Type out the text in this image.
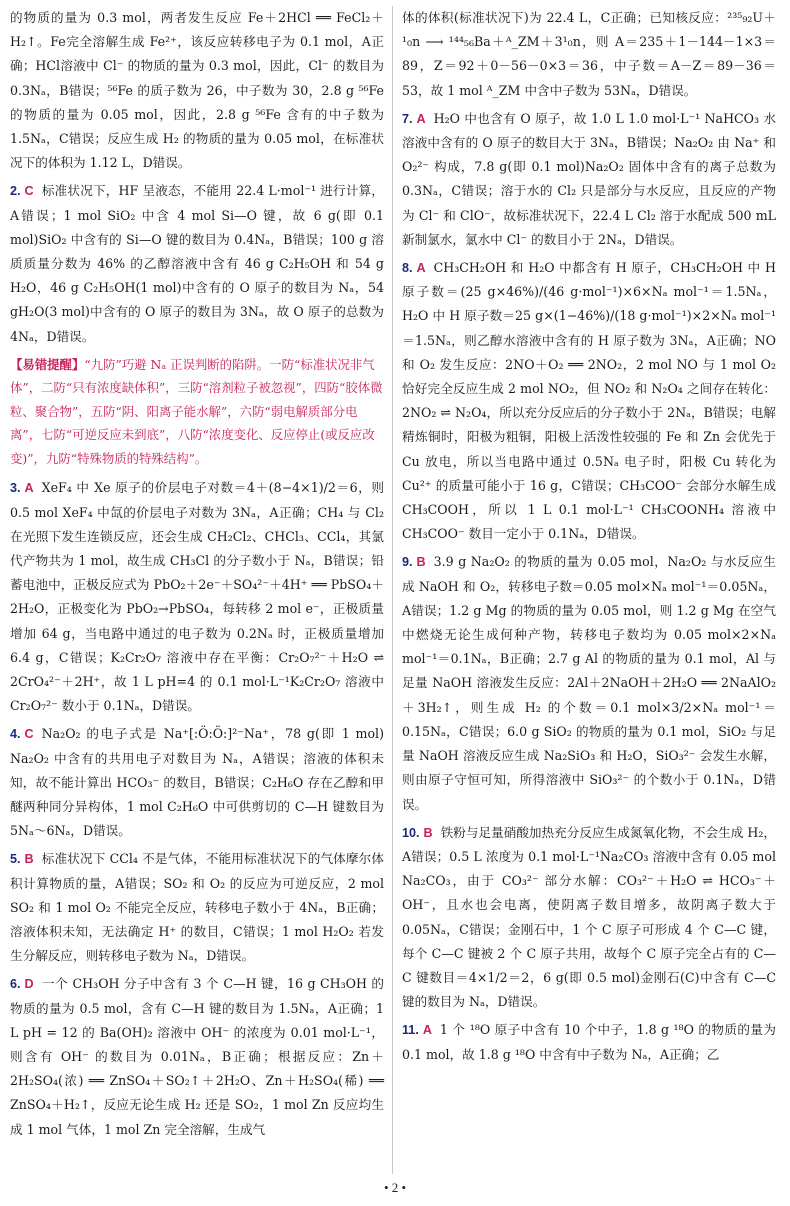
的物质的量为 0.3 mol，两者发生反应 Fe＋2HCl ══ FeCl₂＋H₂↑。Fe完全溶解生成 Fe²⁺，该反应转移电子为 0.1 mol，A正确；HCl溶液中 Cl⁻ 的物质的量为 0.3 mol，因此，Cl⁻ 的数目为 0.3Nₐ，B错误；⁵⁶Fe 的质子数为 26，中子数为 30，2.8 g ⁵⁶Fe 的物质的量为 0.05 mol，因此，2.8 g ⁵⁶Fe 含有的中子数为 1.5Nₐ，C错误；反应生成 H₂ 的物质的量为 0.05 mol，在标准状况下的体积为 1.12 L，D错误。

2. C 标准状况下，HF 呈液态，不能用 22.4 L·mol⁻¹ 进行计算，A错误；1 mol SiO₂ 中含 4 mol Si—O 键，故 6 g(即 0.1 mol)SiO₂ 中含有的 Si—O 键的数目为 0.4Nₐ，B错误；100 g 溶质质量分数为 46% 的乙醇溶液中含有 46 g C₂H₅OH 和 54 g H₂O，46 g C₂H₅OH(1 mol)中含有的 O 原子的数目为 Nₐ，54 gH₂O(3 mol)中含有的 O 原子的数目为 3Nₐ，故 O 原子的总数为 4Nₐ，D错误。

【易错提醒】“九防”巧避 Nₐ 正误判断的陷阱。一防“标准状况非气体”，二防“只有浓度缺体积”，三防“溶剂粒子被忽视”，四防“胶体微粒、聚合物”，五防“阴、阳离子能水解”，六防“弱电解质部分电离”，七防“可逆反应未到底”，八防“浓度变化、反应停止(或反应改变)”，九防“特殊物质的特殊结构”。

3. A XeF₄ 中 Xe 原子的价层电子对数＝4＋(8−4×1)/2＝6，则 0.5 mol XeF₄ 中氙的价层电子对数为 3Nₐ，A正确；CH₄ 与 Cl₂ 在光照下发生连锁反应，还会生成 CH₂Cl₂、CHCl₃、CCl₄，其氯代产物共为 1 mol，故生成 CH₃Cl 的分子数小于 Nₐ，B错误；铅蓄电池中，正极反应式为 PbO₂＋2e⁻＋SO₄²⁻＋4H⁺ ══ PbSO₄＋2H₂O，正极变化为 PbO₂→PbSO₄，每转移 2 mol e⁻，正极质量增加 64 g，当电路中通过的电子数为 0.2Nₐ 时，正极质量增加 6.4 g，C错误；K₂Cr₂O₇ 溶液中存在平衡：Cr₂O₇²⁻＋H₂O ⇌ 2CrO₄²⁻＋2H⁺，故 1 L pH=4 的 0.1 mol·L⁻¹K₂Cr₂O₇ 溶液中 Cr₂O₇²⁻ 数小于 0.1Nₐ，D错误。

4. C Na₂O₂ 的电子式是 Na⁺[:Ö:Ö:]²⁻Na⁺，78 g(即 1 mol) Na₂O₂ 中含有的共用电子对数目为 Nₐ，A错误；溶液的体积未知，故不能计算出 HCO₃⁻ 的数目，B错误；C₂H₆O 存在乙醇和甲醚两种同分异构体，1 mol C₂H₆O 中可供剪切的 C—H 键数目为 5Nₐ～6Nₐ，D错误。

5. B 标准状况下 CCl₄ 不是气体，不能用标准状况下的气体摩尔体积计算物质的量，A错误；SO₂ 和 O₂ 的反应为可逆反应，2 mol SO₂ 和 1 mol O₂ 不能完全反应，转移电子数小于 4Nₐ，B正确；溶液体积未知，无法确定 H⁺ 的数目，C错误；1 mol H₂O₂ 若发生分解反应，则转移电子数为 Nₐ，D错误。

6. D 一个 CH₃OH 分子中含有 3 个 C—H 键，16 g CH₃OH 的物质的量为 0.5 mol，含有 C—H 键的数目为 1.5Nₐ，A正确；1 L pH = 12 的 Ba(OH)₂ 溶液中 OH⁻ 的浓度为 0.01 mol·L⁻¹，则含有 OH⁻ 的数目为 0.01Nₐ，B正确；根据反应：Zn＋2H₂SO₄(浓) ══ ZnSO₄＋SO₂↑＋2H₂O、Zn＋H₂SO₄(稀) ══ ZnSO₄＋H₂↑，反应无论生成 H₂ 还是 SO₂，1 mol Zn 反应均生成 1 mol 气体，1 mol Zn 完全溶解，生成气

体的体积(标准状况下)为 22.4 L，C正确；已知核反应：²³⁵₉₂U＋¹₀n ⟶ ¹⁴⁴₅₆Ba＋ᴬ_ZM＋3¹₀n，则 A＝235＋1－144－1×3＝89，Z＝92＋0－56－0×3＝36，中子数＝A－Z＝89－36＝53，故 1 mol ᴬ_ZM 中含中子数为 53Nₐ，D错误。

7. A H₂O 中也含有 O 原子，故 1.0 L 1.0 mol·L⁻¹ NaHCO₃ 水溶液中含有的 O 原子的数目大于 3Nₐ，B错误；Na₂O₂ 由 Na⁺ 和 O₂²⁻ 构成，7.8 g(即 0.1 mol)Na₂O₂ 固体中含有的离子总数为 0.3Nₐ，C错误；溶于水的 Cl₂ 只是部分与水反应，且反应的产物为 Cl⁻ 和 ClO⁻，故标准状况下，22.4 L Cl₂ 溶于水配成 500 mL 新制氯水，氯水中 Cl⁻ 的数目小于 2Nₐ，D错误。

8. A CH₃CH₂OH 和 H₂O 中都含有 H 原子，CH₃CH₂OH 中 H 原子数＝(25 g×46%)/(46 g·mol⁻¹)×6×Nₐ mol⁻¹＝1.5Nₐ，H₂O 中 H 原子数＝25 g×(1−46%)/(18 g·mol⁻¹)×2×Nₐ mol⁻¹＝1.5Nₐ，则乙醇水溶液中含有的 H 原子数为 3Nₐ，A正确；NO 和 O₂ 发生反应：2NO＋O₂ ══ 2NO₂，2 mol NO 与 1 mol O₂ 恰好完全反应生成 2 mol NO₂，但 NO₂ 和 N₂O₄ 之间存在转化：2NO₂ ⇌ N₂O₄，所以充分反应后的分子数小于 2Nₐ，B错误；电解精炼铜时，阳极为粗铜，阳极上活泼性较强的 Fe 和 Zn 会优先于 Cu 放电，所以当电路中通过 0.5Nₐ 电子时，阳极 Cu 转化为 Cu²⁺ 的质量可能小于 16 g，C错误；CH₃COO⁻ 会部分水解生成 CH₃COOH，所以 1 L 0.1 mol·L⁻¹ CH₃COONH₄ 溶液中 CH₃COO⁻ 数目一定小于 0.1Nₐ，D错误。

9. B 3.9 g Na₂O₂ 的物质的量为 0.05 mol，Na₂O₂ 与水反应生成 NaOH 和 O₂，转移电子数＝0.05 mol×Nₐ mol⁻¹＝0.05Nₐ，A错误；1.2 g Mg 的物质的量为 0.05 mol，则 1.2 g Mg 在空气中燃烧无论生成何种产物，转移电子数均为 0.05 mol×2×Nₐ mol⁻¹＝0.1Nₐ，B正确；2.7 g Al 的物质的量为 0.1 mol，Al 与足量 NaOH 溶液发生反应：2Al＋2NaOH＋2H₂O ══ 2NaAlO₂＋3H₂↑，则生成 H₂ 的个数＝0.1 mol×3/2×Nₐ mol⁻¹＝0.15Nₐ，C错误；6.0 g SiO₂ 的物质的量为 0.1 mol，SiO₂ 与足量 NaOH 溶液反应生成 Na₂SiO₃ 和 H₂O，SiO₃²⁻ 会发生水解，则由原子守恒可知，所得溶液中 SiO₃²⁻ 的个数小于 0.1Nₐ，D错误。

10. B 铁粉与足量硝酸加热充分反应生成氮氧化物，不会生成 H₂，A错误；0.5 L 浓度为 0.1 mol·L⁻¹Na₂CO₃ 溶液中含有 0.05 mol Na₂CO₃，由于 CO₃²⁻ 部分水解：CO₃²⁻＋H₂O ⇌ HCO₃⁻＋OH⁻，且水也会电离，使阴离子数目增多，故阴离子数大于 0.05Nₐ，C错误；金刚石中，1 个 C 原子可形成 4 个 C—C 键，每个 C—C 键被 2 个 C 原子共用，故每个 C 原子完全占有的 C—C 键数目＝4×1/2＝2，6 g(即 0.5 mol)金刚石(C)中含有 C—C 键的数目为 Nₐ，D错误。

11. A 1 个 ¹⁸O 原子中含有 10 个中子，1.8 g ¹⁸O 的物质的量为 0.1 mol，故 1.8 g ¹⁸O 中含有中子数为 Nₐ，A正确；乙

• 2 •
